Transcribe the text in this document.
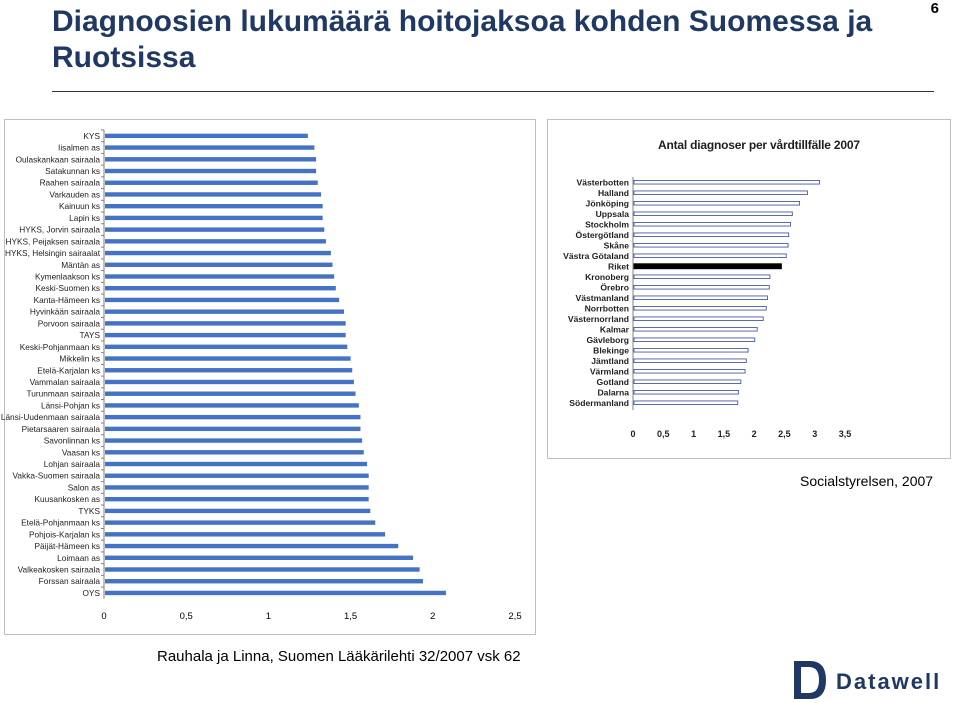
Diagnoosien lukumäärä hoitojaksoa kohden Suomessa ja Ruotsissa
6
KYS
Iisalmen as
Oulaskankaan sairaala
Satakunnan ks
Raahen sairaala
Varkauden as
Kainuun ks
Lapin ks
HYKS, Jorvin sairaala
HYKS, Peijaksen sairaala
HYKS, Helsingin sairaalat
Mäntän as
Kymenlaakson ks
Keski-Suomen ks
Kanta-Hämeen ks
Hyvinkään sairaala
Porvoon sairaala
TAYS
Keski-Pohjanmaan ks
Mikkelin ks
Etelä-Karjalan ks
Vammalan sairaala
Turunmaan sairaala
Länsi-Pohjan ks
Länsi-Uudenmaan sairaala
Pietarsaaren sairaala
Savonlinnan ks
Vaasan ks
Lohjan sairaala
Vakka-Suomen sairaala
Salon as
Kuusankosken as
TYKS
Etelä-Pohjanmaan ks
Pohjois-Karjalan ks
Päijät-Hämeen ks
Loimaan as
Valkeakosken sairaala
Forssan sairaala
OYS
0	0,5	1	1,5	2	2,5
Antal diagnoser per vårdtillfälle 2007
Västerbotten
Halland
Jönköping
Uppsala
Stockholm
Östergötland
Skåne
Västra Götaland
Riket
Kronoberg
Örebro
Västmanland
Norrbotten
Västernorrland
Kalmar
Gävleborg
Blekinge
Jämtland
Värmland
Gotland
Dalarna
Södermanland
0 0,5 1 1,5 2 2,5 3 3,5
Socialstyrelsen, 2007
Rauhala ja Linna, Suomen Lääkärilehti 32/2007 vsk 62
Datawell
